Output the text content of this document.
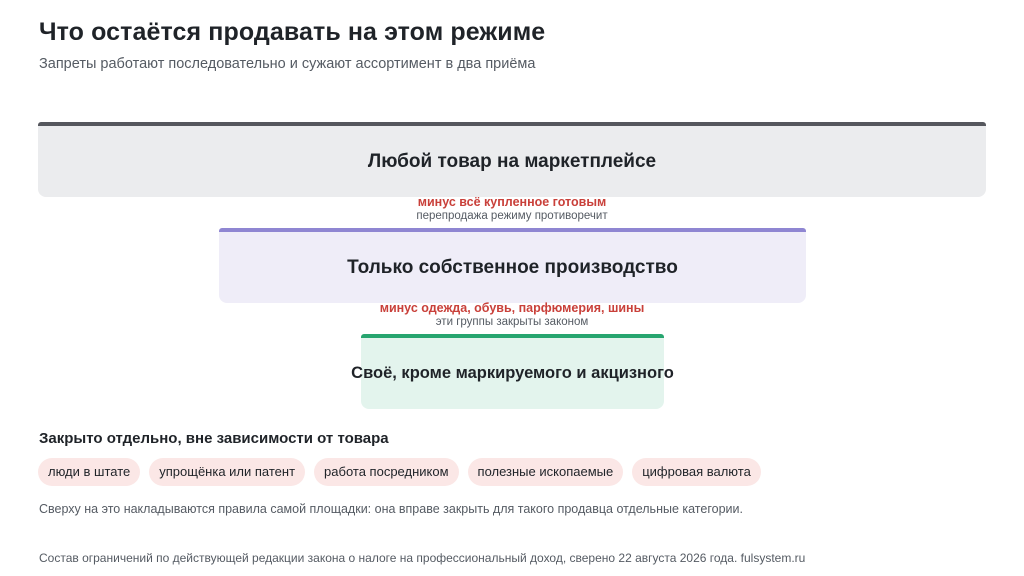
Что остаётся продавать на этом режиме
Запреты работают последовательно и сужают ассортимент в два приёма
Любой товар на маркетплейсе
минус всё купленное готовым
перепродажа режиму противоречит
Только собственное производство
минус одежда, обувь, парфюмерия, шины
эти группы закрыты законом
Своё, кроме маркируемого и акцизного
Закрыто отдельно, вне зависимости от товара
люди в штате	упрощёнка или патент	работа посредником	полезные ископаемые	цифровая валюта
Сверху на это накладываются правила самой площадки: она вправе закрыть для такого продавца отдельные категории.
Состав ограничений по действующей редакции закона о налоге на профессиональный доход, сверено 22 августа 2026 года. fulsystem.ru
